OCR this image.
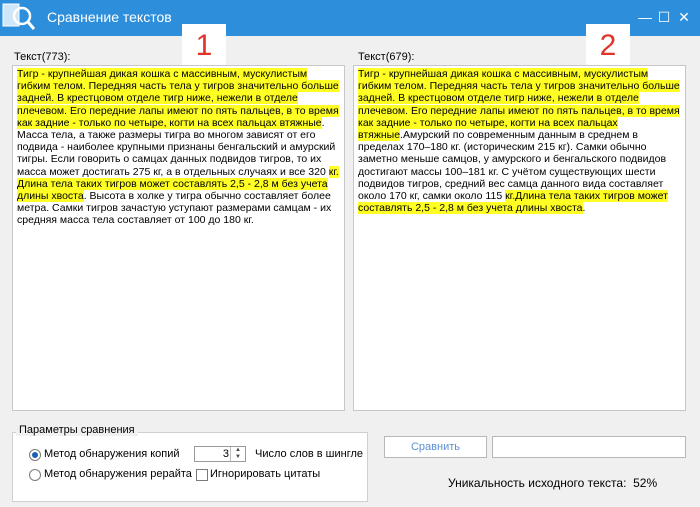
Сравнение текстов	— ☐ ✕
1	2
Текст(773):	Текст(679):
Тигр - крупнейшая дикая кошка с массивным, мускулистым гибким телом. Передняя часть тела у тигров значительно больше задней. В крестцовом отделе тигр ниже, нежели в отделе плечевом. Его передние лапы имеют по пять пальцев, в то время как задние - только по четыре, когти на всех пальцах втяжные. Масса тела, а также размеры тигра во многом зависят от его подвида - наиболее крупными признаны бенгальский и амурский тигры. Если говорить о самцах данных подвидов тигров, то их масса может достигать 275 кг, а в отдельных случаях и все 320 кг. Длина тела таких тигров может составлять 2,5 - 2,8 м без учета длины хвоста. Высота в холке у тигра обычно составляет более метра. Самки тигров зачастую уступают размерами самцам - их средняя масса тела составляет от 100 до 180 кг.
Тигр - крупнейшая дикая кошка с массивным, мускулистым гибким телом. Передняя часть тела у тигров значительно больше задней. В крестцовом отделе тигр ниже, нежели в отделе плечевом. Его передние лапы имеют по пять пальцев, в то время как задние - только по четыре, когти на всех пальцах втяжные.Амурский по современным данным в среднем в пределах 170–180 кг. (историческим 215 кг). Самки обычно заметно меньше самцов, у амурского и бенгальского подвидов достигают массы 100–181 кг. С учётом существующих шести подвидов тигров, средний вес самца данного вида составляет около 170 кг, самки около 115 кг.Длина тела таких тигров может составлять 2,5 - 2,8 м без учета длины хвоста.
Параметры сравнения
Метод обнаружения копий
Метод обнаружения рерайта
3	▲
▼	Число слов в шингле
Игнорировать цитаты
Сравнить
Уникальность исходного текста: 52%
